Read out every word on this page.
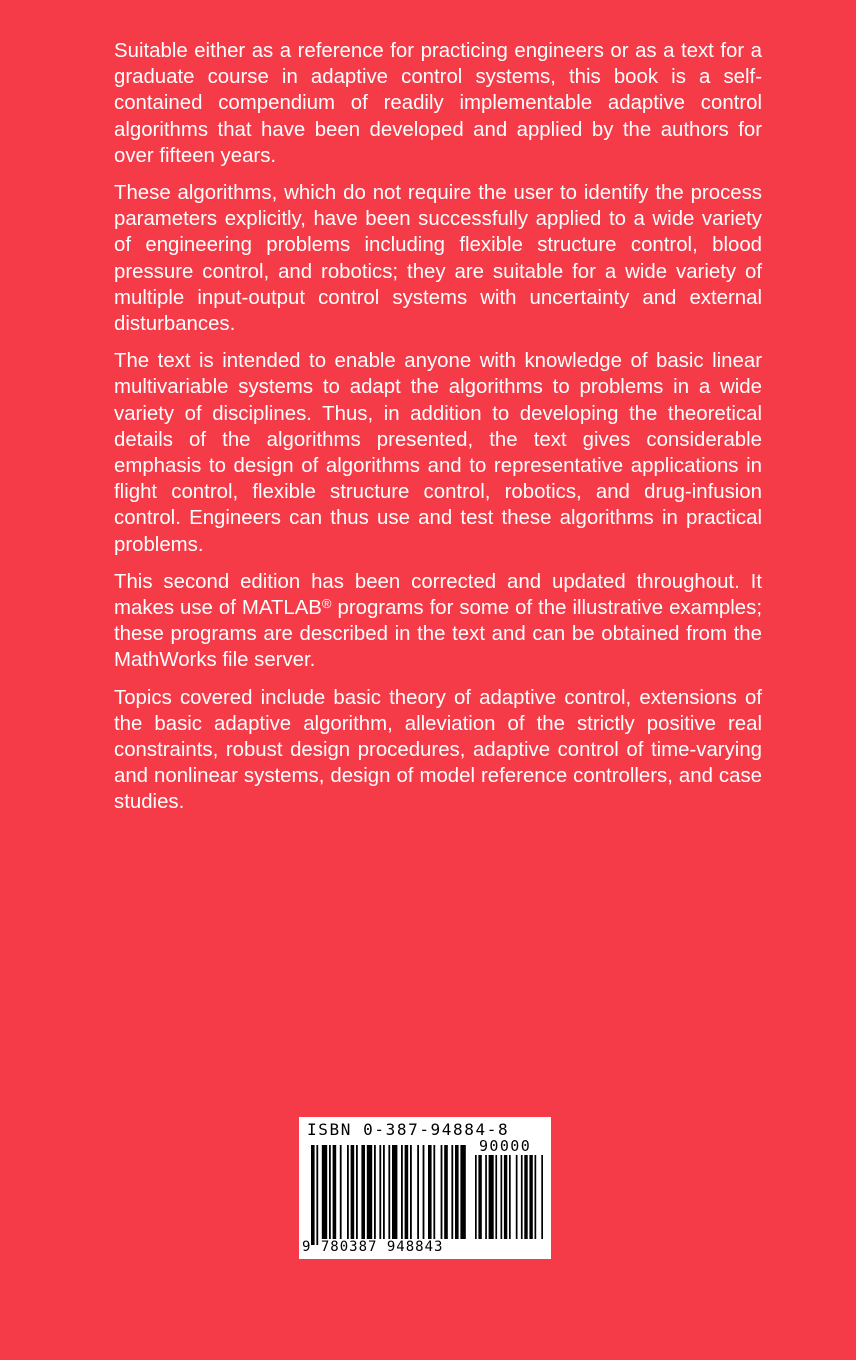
Suitable either as a reference for practicing engineers or as a text for a graduate course in adaptive control systems, this book is a self-contained compendium of readily implementable adaptive control algorithms that have been developed and applied by the authors for over fifteen years.

These algorithms, which do not require the user to identify the process parameters explicitly, have been successfully applied to a wide variety of engineering problems including flexible structure control, blood pressure control, and robotics; they are suitable for a wide variety of multiple input-output control systems with uncertainty and external disturbances.

The text is intended to enable anyone with knowledge of basic linear multivariable systems to adapt the algorithms to problems in a wide variety of disciplines. Thus, in addition to developing the theoretical details of the algorithms presented, the text gives considerable emphasis to design of algorithms and to representative applications in flight control, flexible structure control, robotics, and drug-infusion control. Engineers can thus use and test these algorithms in practical problems.

This second edition has been corrected and updated throughout. It makes use of MATLAB® programs for some of the illustrative examples; these programs are described in the text and can be obtained from the MathWorks file server.

Topics covered include basic theory of adaptive control, extensions of the basic adaptive algorithm, alleviation of the strictly positive real constraints, robust design procedures, adaptive control of time-varying and nonlinear systems, design of model reference controllers, and case studies.

ISBN 0-387-94884-8
90000
9 780387 948843
